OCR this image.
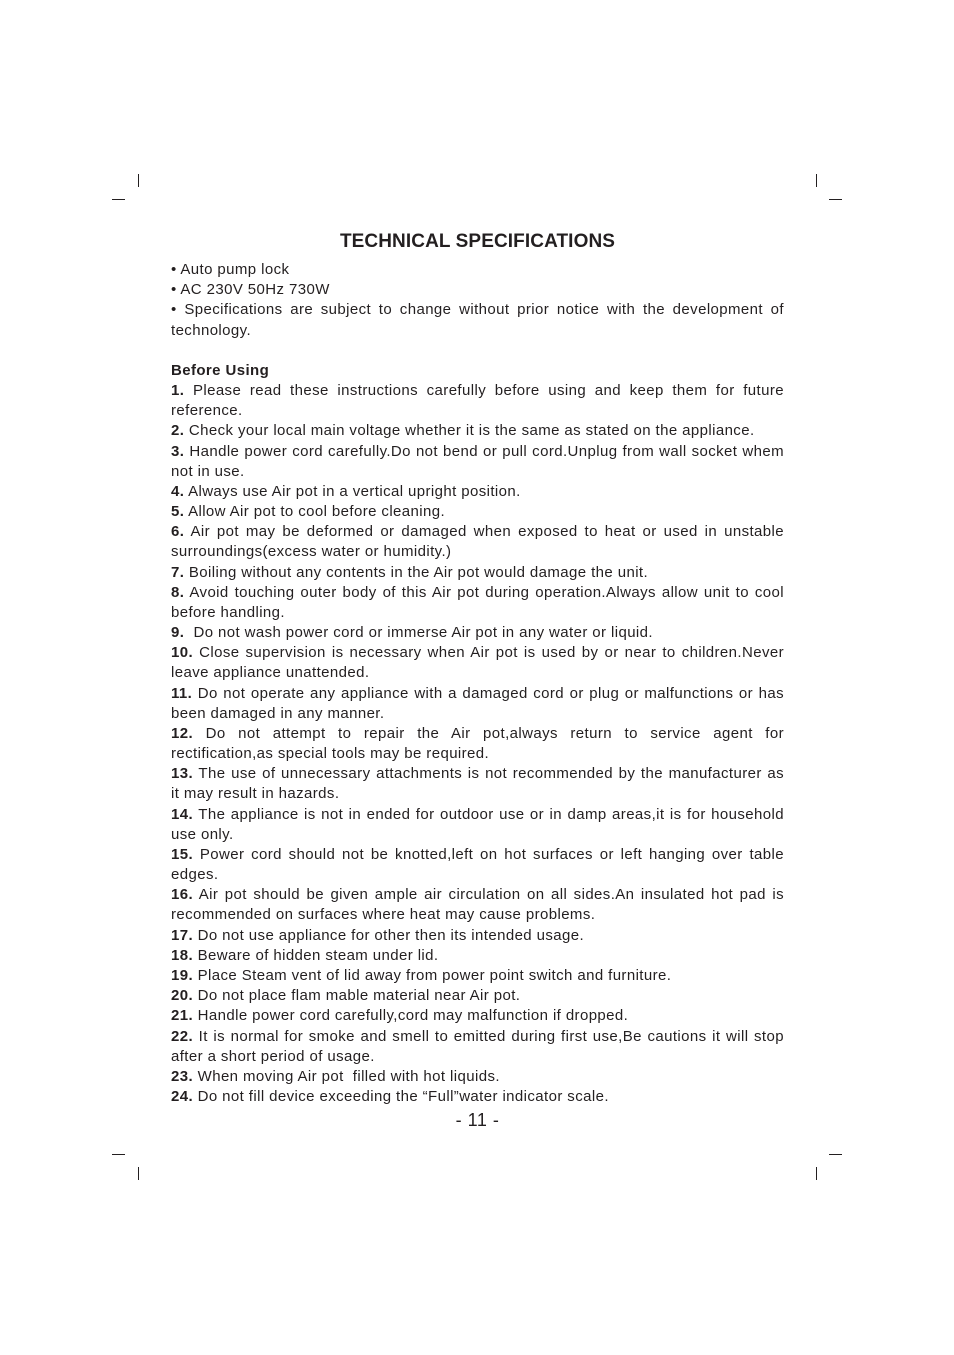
TECHNICAL SPECIFICATIONS

• Auto pump lock

• AC 230V 50Hz 730W

• Specifications are subject to change without prior notice with the development of technology.

Before Using

1. Please read these instructions carefully before using and keep them for future reference.

2. Check your local main voltage whether it is the same as stated on the appliance.

3. Handle power cord carefully.Do not bend or pull cord.Unplug from wall socket whem not in use.

4. Always use Air pot in a vertical upright position.

5. Allow Air pot to cool before cleaning.

6. Air pot may be deformed or damaged when exposed to heat or used in unstable surroundings(excess water or humidity.)

7. Boiling without any contents in the Air pot would damage the unit.

8. Avoid touching outer body of this Air pot during operation.Always allow unit to cool before handling.

9.  Do not wash power cord or immerse Air pot in any water or liquid.

10. Close supervision is necessary when Air pot is used by or near to children.Never leave appliance unattended.

11. Do not operate any appliance with a damaged cord or plug or malfunctions or has been damaged in any manner.

12. Do not attempt to repair the Air pot,always return to service agent for rectification,as special tools may be required.

13. The use of unnecessary attachments is not recommended by the manufacturer as it may result in hazards.

14. The appliance is not in ended for outdoor use or in damp areas,it is for household use only.

15. Power cord should not be knotted,left on hot surfaces or left hanging over table edges.

16. Air pot should be given ample air circulation on all sides.An insulated hot pad is recommended on surfaces where heat may cause problems.

17. Do not use appliance for other then its intended usage.

18. Beware of hidden steam under lid.

19. Place Steam vent of lid away from power point switch and furniture.

20. Do not place flam mable material near Air pot.

21. Handle power cord carefully,cord may malfunction if dropped.

22. It is normal for smoke and smell to emitted during first use,Be cautions it will stop after a short period of usage.

23. When moving Air pot  filled with hot liquids.

24. Do not fill device exceeding the “Full”water indicator scale.

- 11 -
